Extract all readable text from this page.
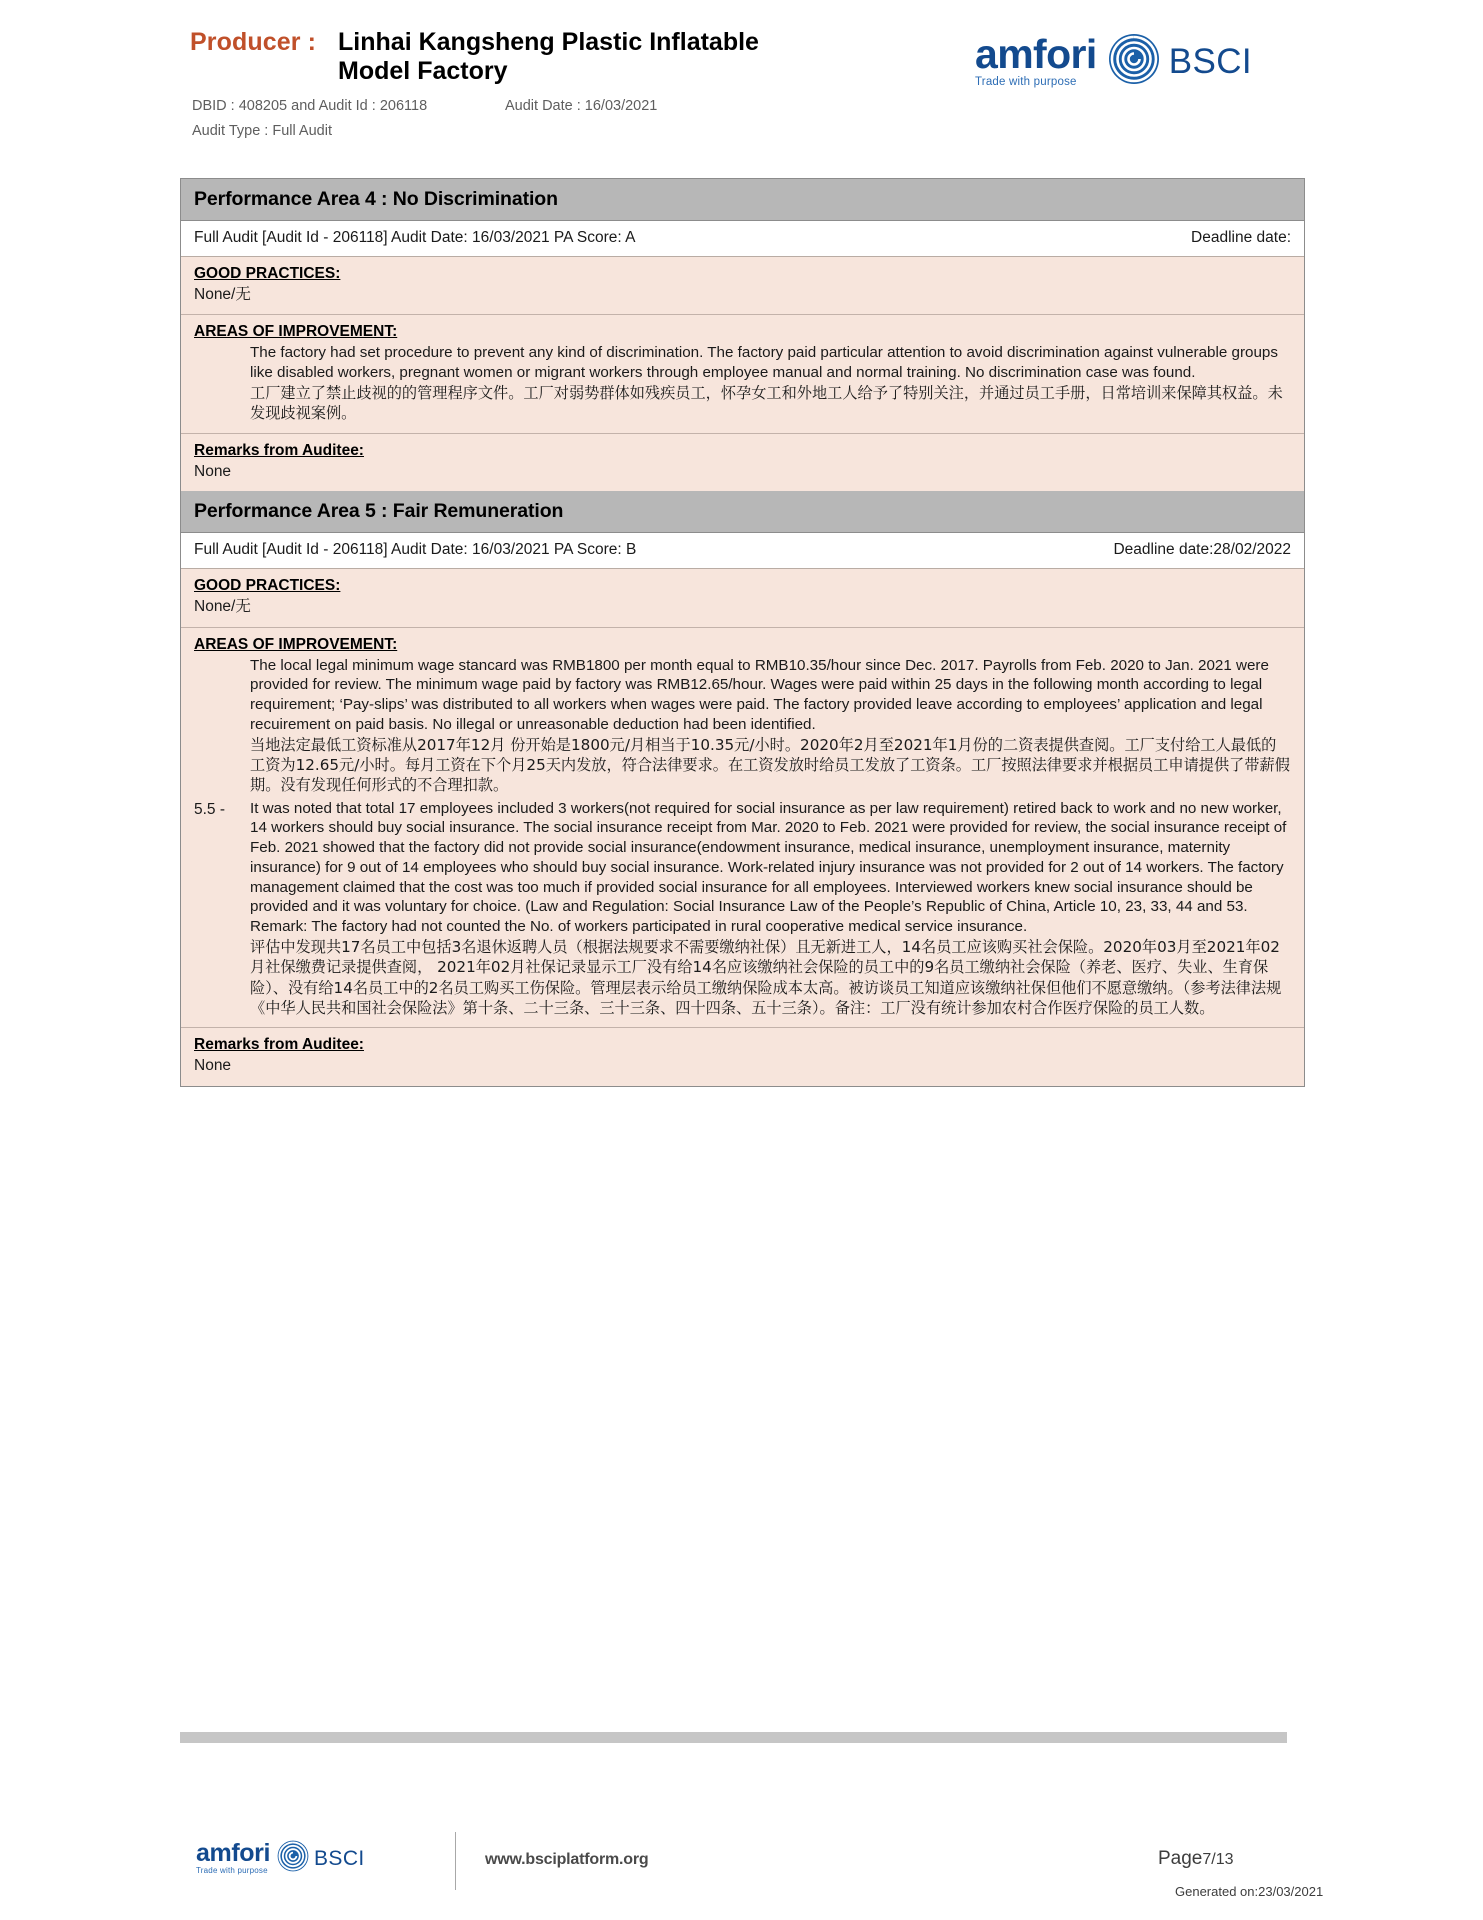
Producer : Linhai Kangsheng Plastic Inflatable Model Factory
DBID : 408205 and Audit Id : 206118	Audit Date : 16/03/2021
Audit Type : Full Audit
amfori
Trade with purpose
BSCI
Performance Area 4 : No Discrimination
Full Audit [Audit Id - 206118] Audit Date: 16/03/2021 PA Score: A	Deadline date:
GOOD PRACTICES:
None/无
AREAS OF IMPROVEMENT:
The factory had set procedure to prevent any kind of discrimination. The factory paid particular attention to avoid discrimination against vulnerable groups like disabled workers, pregnant women or migrant workers through employee manual and normal training. No discrimination case was found.
工厂建立了禁止歧视的的管理程序文件。工厂对弱势群体如残疾员工，怀孕女工和外地工人给予了特别关注，并通过员工手册，日常培训来保障其权益。未发现歧视案例。
Remarks from Auditee:
None
Performance Area 5 : Fair Remuneration
Full Audit [Audit Id - 206118] Audit Date: 16/03/2021 PA Score: B	Deadline date:28/02/2022
GOOD PRACTICES:
None/无
AREAS OF IMPROVEMENT:
The local legal minimum wage stancard was RMB1800 per month equal to RMB10.35/hour since Dec. 2017. Payrolls from Feb. 2020 to Jan. 2021 were provided for review. The minimum wage paid by factory was RMB12.65/hour. Wages were paid within 25 days in the following month according to legal requirement; ‘Pay-slips’ was distributed to all workers when wages were paid. The factory provided leave according to employees’ application and legal recuirement on paid basis. No illegal or unreasonable deduction had been identified.
当地法定最低工资标准从2017年12月 份开始是1800元/月相当于10.35元/小时。2020年2月至2021年1月份的二资表提供查阅。工厂支付给工人最低的工资为12.65元/小时。每月工资在下个月25天内发放，符合法律要求。在工资发放时给员工发放了工资条。工厂按照法律要求并根据员工申请提供了带薪假期。没有发现任何形式的不合理扣款。
5.5 -	It was noted that total 17 employees included 3 workers(not required for social insurance as per law requirement) retired back to work and no new worker, 14 workers should buy social insurance. The social insurance receipt from Mar. 2020 to Feb. 2021 were provided for review, the social insurance receipt of Feb. 2021 showed that the factory did not provide social insurance(endowment insurance, medical insurance, unemployment insurance, maternity insurance) for 9 out of 14 employees who should buy social insurance. Work-related injury insurance was not provided for 2 out of 14 workers. The factory management claimed that the cost was too much if provided social insurance for all employees. Interviewed workers knew social insurance should be provided and it was voluntary for choice. (Law and Regulation: Social Insurance Law of the People’s Republic of China, Article 10, 23, 33, 44 and 53. Remark: The factory had not counted the No. of workers participated in rural cooperative medical service insurance.
评估中发现共17名员工中包括3名退休返聘人员（根据法规要求不需要缴纳社保）且无新进工人，14名员工应该购买社会保险。2020年03月至2021年02月社保缴费记录提供查阅， 2021年02月社保记录显示工厂没有给14名应该缴纳社会保险的员工中的9名员工缴纳社会保险（养老、医疗、失业、生育保险）、没有给14名员工中的2名员工购买工伤保险。管理层表示给员工缴纳保险成本太高。被访谈员工知道应该缴纳社保但他们不愿意缴纳。（参考法律法规《中华人民共和国社会保险法》第十条、二十三条、三十三条、四十四条、五十三条）。备注：工厂没有统计参加农村合作医疗保险的员工人数。
Remarks from Auditee:
None
amfori
Trade with purpose
BSCI	www.bsciplatform.org	Page7/13
Generated on:23/03/2021
